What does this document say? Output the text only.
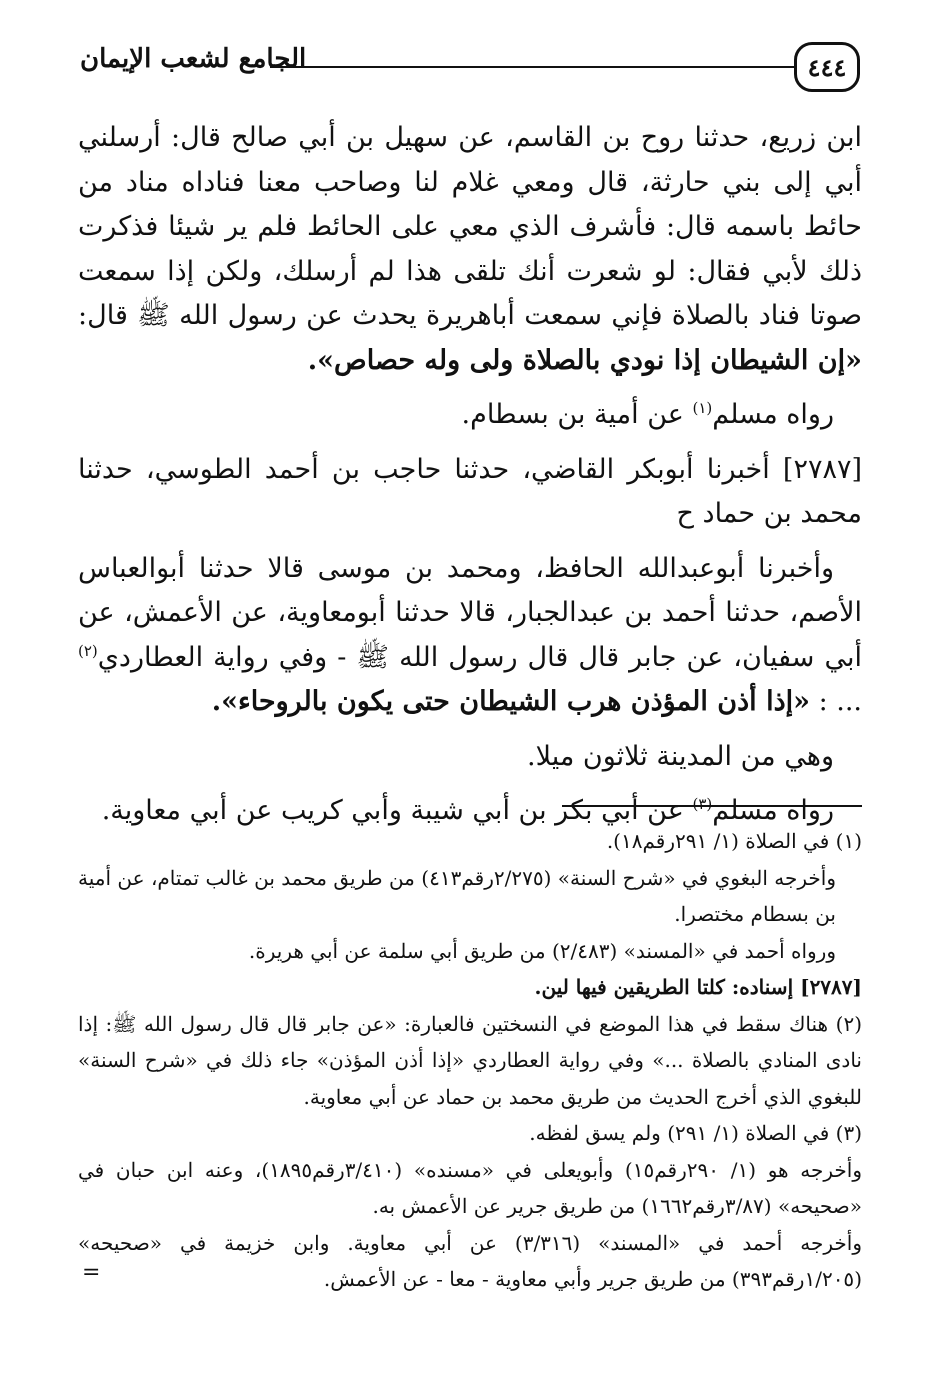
٤٤٤
الجامع لشعب الإيمان

ابن زريع، حدثنا روح بن القاسم، عن سهيل بن أبي صالح قال: أرسلني أبي إلى بني حارثة، قال ومعي غلام لنا وصاحب معنا فناداه مناد من حائط باسمه قال: فأشرف الذي معي على الحائط فلم ير شيئا فذكرت ذلك لأبي فقال: لو شعرت أنك تلقى هذا لم أرسلك، ولكن إذا سمعت صوتا فناد بالصلاة فإني سمعت أباهريرة يحدث عن رسول الله ﷺ قال: «إن الشيطان إذا نودي بالصلاة ولى وله حصاص».

رواه مسلم$^{(١)}$ عن أمية بن بسطام.

[٢٧٨٧] أخبرنا أبوبكر القاضي، حدثنا حاجب بن أحمد الطوسي، حدثنا محمد بن حماد ح

وأخبرنا أبوعبدالله الحافظ، ومحمد بن موسى قالا حدثنا أبوالعباس الأصم، حدثنا أحمد بن عبدالجبار، قالا حدثنا أبومعاوية، عن الأعمش، عن أبي سفيان، عن جابر قال قال رسول الله ﷺ - وفي رواية العطاردي$^{(٢)}$ ... : «إذا أذن المؤذن هرب الشيطان حتى يكون بالروحاء».

وهي من المدينة ثلاثون ميلا.

رواه مسلم$^{(٣)}$ عن أبي بكر بن أبي شيبة وأبي كريب عن أبي معاوية.

(١) في الصلاة (١/ ٢٩١رقم١٨).

وأخرجه البغوي في «شرح السنة» (٢/٢٧٥رقم٤١٣) من طريق محمد بن غالب تمتام، عن أمية بن بسطام مختصرا.

ورواه أحمد في «المسند» (٢/٤٨٣) من طريق أبي سلمة عن أبي هريرة.

[٢٧٨٧] إسناده: كلتا الطريقين فيها لين.

(٢) هناك سقط في هذا الموضع في النسختين فالعبارة: «عن جابر قال قال رسول الله ﷺ: إذا نادى المنادي بالصلاة ...» وفي رواية العطاردي «إذا أذن المؤذن» جاء ذلك في «شرح السنة» للبغوي الذي أخرج الحديث من طريق محمد بن حماد عن أبي معاوية.

(٣) في الصلاة (١/ ٢٩١) ولم يسق لفظه.

وأخرجه هو (١/ ٢٩٠رقم١٥) وأبويعلى في «مسنده» (٣/٤١٠رقم١٨٩٥)، وعنه ابن حبان في «صحيحه» (٣/٨٧رقم١٦٦٢) من طريق جرير عن الأعمش به.

وأخرجه أحمد في «المسند» (٣/٣١٦) عن أبي معاوية. وابن خزيمة في «صحيحه» (١/٢٠٥رقم٣٩٣) من طريق جرير وأبي معاوية - معا - عن الأعمش.

=
